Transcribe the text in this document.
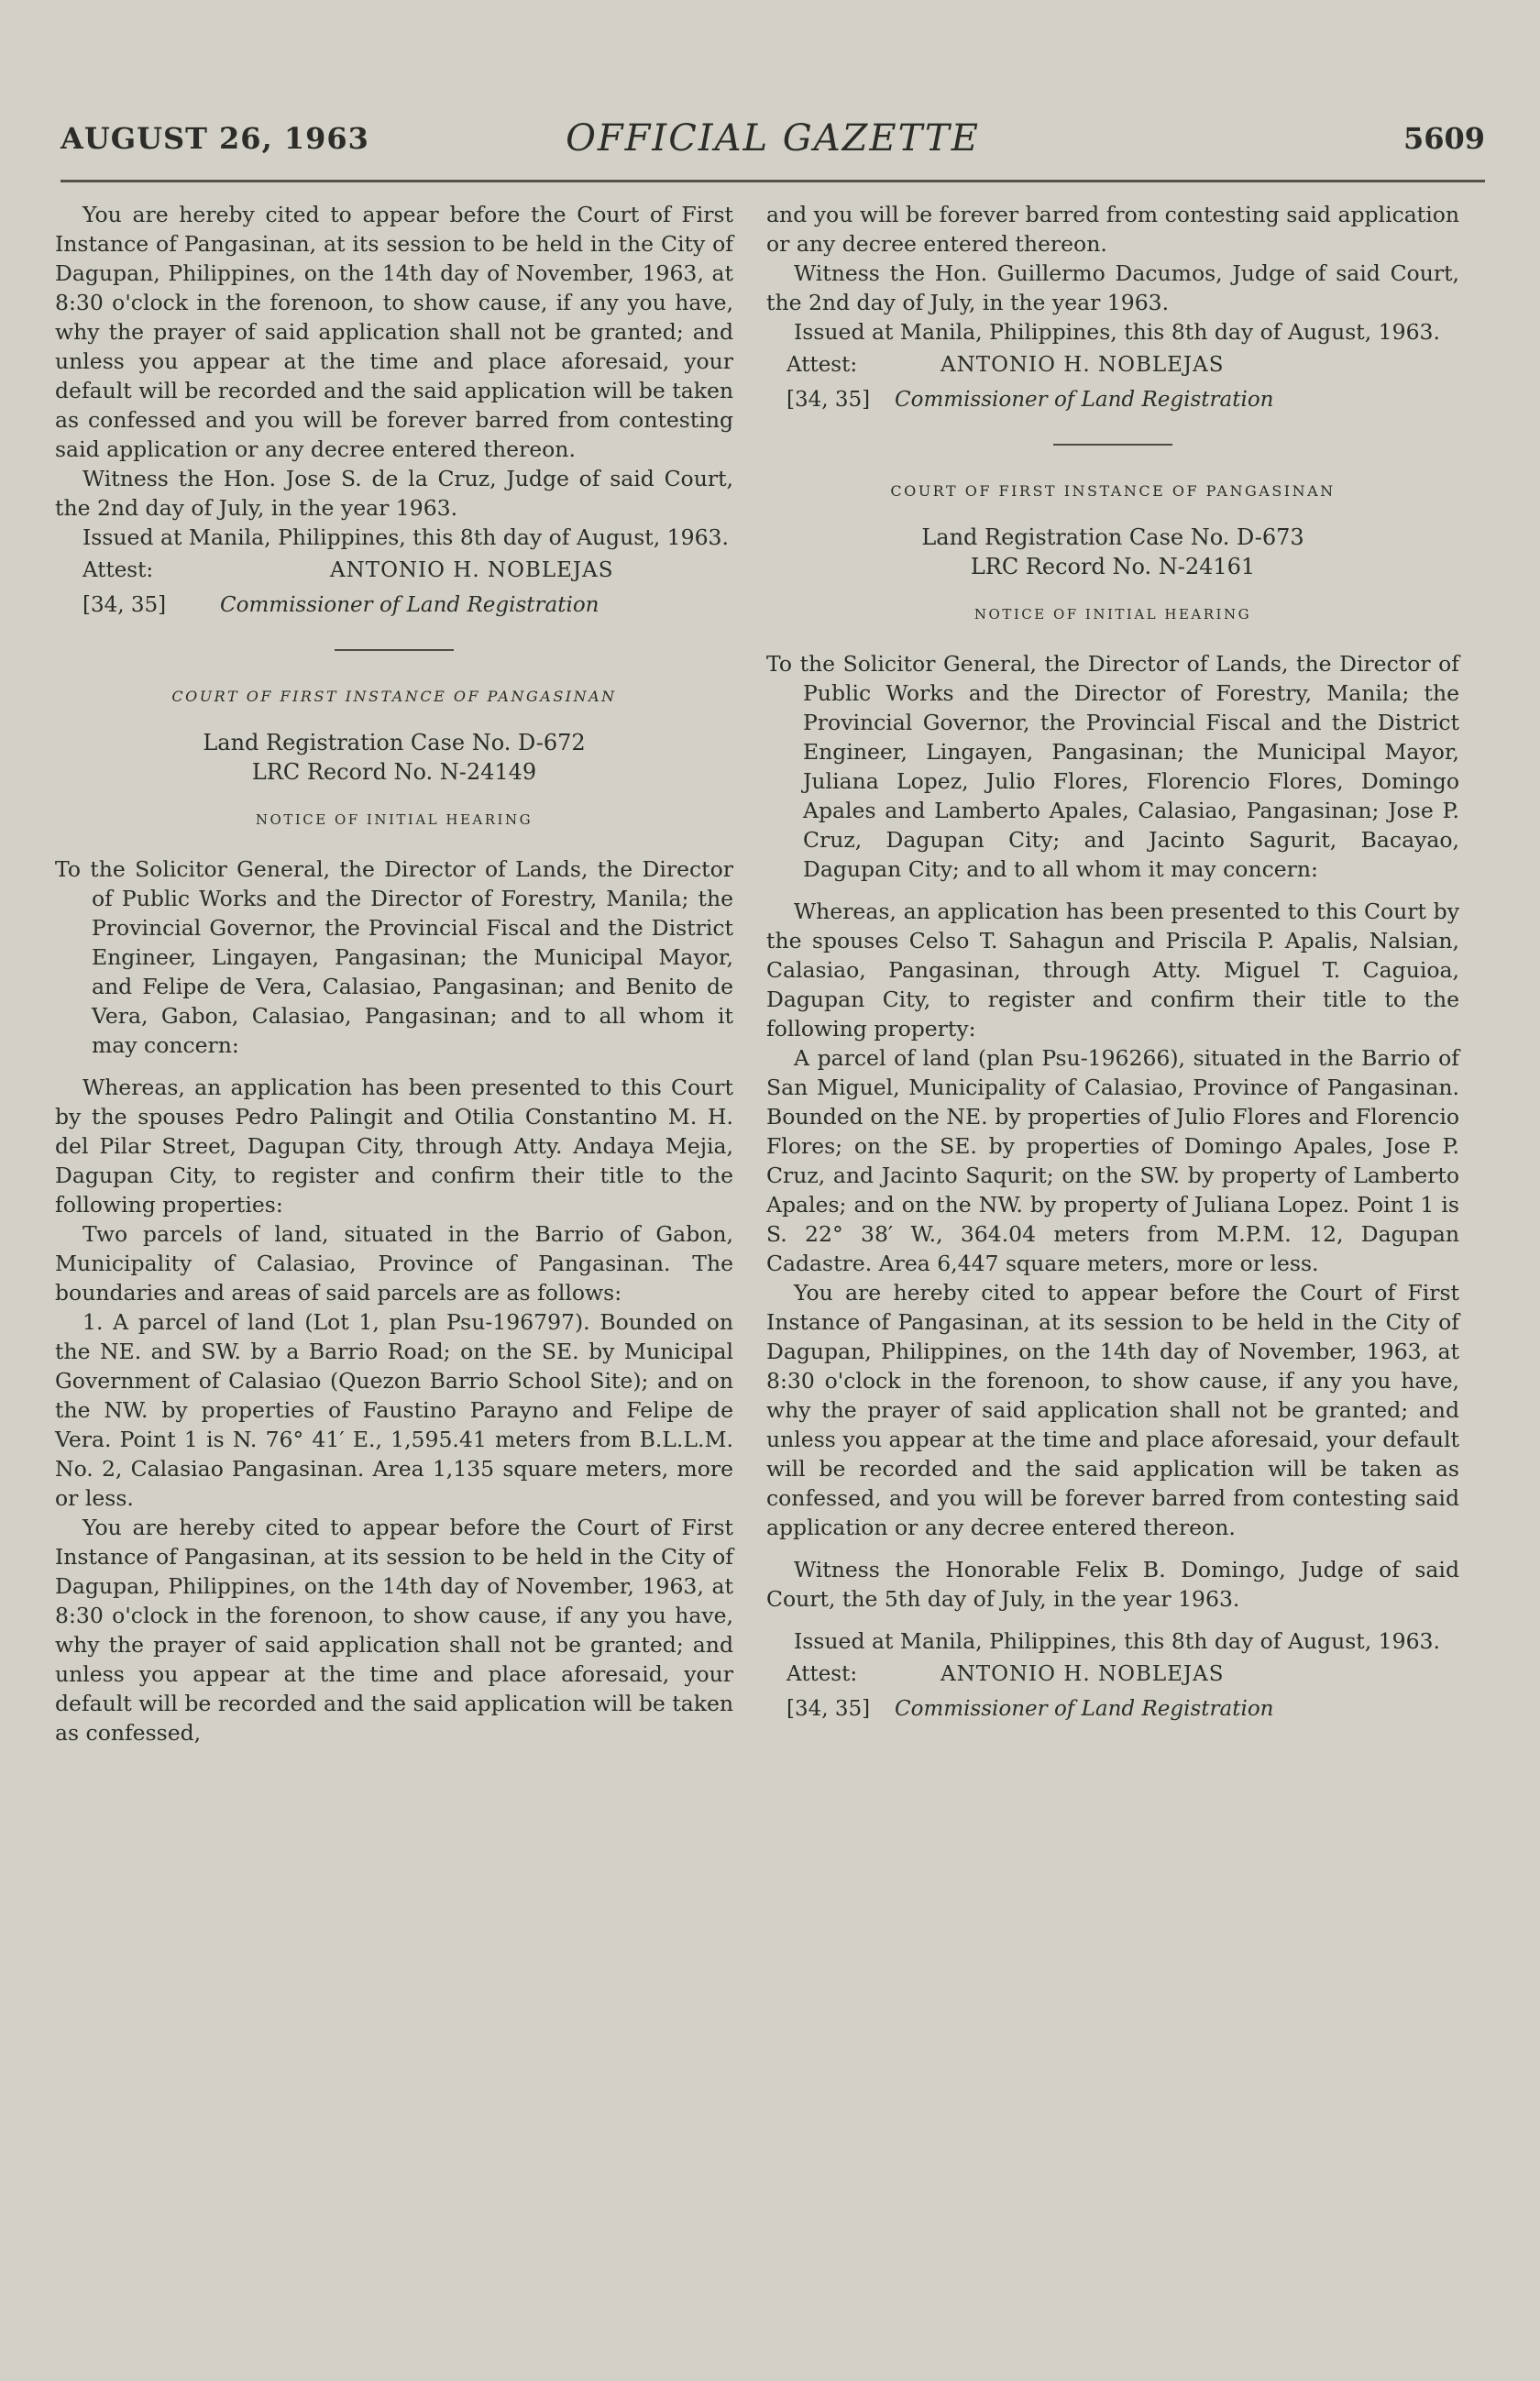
AUGUST 26, 1963	OFFICIAL GAZETTE	5609

You are hereby cited to appear before the Court of First Instance of Pangasinan, at its session to be held in the City of Dagupan, Philippines, on the 14th day of November, 1963, at 8:30 o'clock in the forenoon, to show cause, if any you have, why the prayer of said application shall not be granted; and unless you appear at the time and place aforesaid, your default will be recorded and the said application will be taken as confessed and you will be forever barred from contesting said application or any decree entered thereon.

Witness the Hon. Jose S. de la Cruz, Judge of said Court, the 2nd day of July, in the year 1963.

Issued at Manila, Philippines, this 8th day of August, 1963.

Attest:	ANTONIO H. NOBLEJAS
[34, 35]	Commissioner of Land Registration
COURT OF FIRST INSTANCE OF PANGASINAN
Land Registration Case No. D-672
LRC Record No. N-24149
NOTICE OF INITIAL HEARING

To the Solicitor General, the Director of Lands, the Director of Public Works and the Director of Forestry, Manila; the Provincial Governor, the Provincial Fiscal and the District Engineer, Lingayen, Pangasinan; the Municipal Mayor, and Felipe de Vera, Calasiao, Pangasinan; and Benito de Vera, Gabon, Calasiao, Pangasinan; and to all whom it may concern:

Whereas, an application has been presented to this Court by the spouses Pedro Palingit and Otilia Constantino M. H. del Pilar Street, Dagupan City, through Atty. Andaya Mejia, Dagupan City, to register and confirm their title to the following properties:

Two parcels of land, situated in the Barrio of Gabon, Municipality of Calasiao, Province of Pangasinan. The boundaries and areas of said parcels are as follows:

1. A parcel of land (Lot 1, plan Psu-196797). Bounded on the NE. and SW. by a Barrio Road; on the SE. by Municipal Government of Calasiao (Quezon Barrio School Site); and on the NW. by properties of Faustino Parayno and Felipe de Vera. Point 1 is N. 76° 41′ E., 1,595.41 meters from B.L.L.M. No. 2, Calasiao Pangasinan. Area 1,135 square meters, more or less.

You are hereby cited to appear before the Court of First Instance of Pangasinan, at its session to be held in the City of Dagupan, Philippines, on the 14th day of November, 1963, at 8:30 o'clock in the forenoon, to show cause, if any you have, why the prayer of said application shall not be granted; and unless you appear at the time and place aforesaid, your default will be recorded and the said application will be taken as confessed,

and you will be forever barred from contesting said application or any decree entered thereon.

Witness the Hon. Guillermo Dacumos, Judge of said Court, the 2nd day of July, in the year 1963.

Issued at Manila, Philippines, this 8th day of August, 1963.

Attest:	ANTONIO H. NOBLEJAS
[34, 35] Commissioner of Land Registration
COURT OF FIRST INSTANCE OF PANGASINAN
Land Registration Case No. D-673
LRC Record No. N-24161
NOTICE OF INITIAL HEARING

To the Solicitor General, the Director of Lands, the Director of Public Works and the Director of Forestry, Manila; the Provincial Governor, the Provincial Fiscal and the District Engineer, Lingayen, Pangasinan; the Municipal Mayor, Juliana Lopez, Julio Flores, Florencio Flores, Domingo Apales and Lamberto Apales, Calasiao, Pangasinan; Jose P. Cruz, Dagupan City; and Jacinto Sagurit, Bacayao, Dagupan City; and to all whom it may concern:

Whereas, an application has been presented to this Court by the spouses Celso T. Sahagun and Priscila P. Apalis, Nalsian, Calasiao, Pangasinan, through Atty. Miguel T. Caguioa, Dagupan City, to register and confirm their title to the following property:

A parcel of land (plan Psu-196266), situated in the Barrio of San Miguel, Municipality of Calasiao, Province of Pangasinan. Bounded on the NE. by properties of Julio Flores and Florencio Flores; on the SE. by properties of Domingo Apales, Jose P. Cruz, and Jacinto Saqurit; on the SW. by property of Lamberto Apales; and on the NW. by property of Juliana Lopez. Point 1 is S. 22° 38′ W., 364.04 meters from M.P.M. 12, Dagupan Cadastre. Area 6,447 square meters, more or less.

You are hereby cited to appear before the Court of First Instance of Pangasinan, at its session to be held in the City of Dagupan, Philippines, on the 14th day of November, 1963, at 8:30 o'clock in the forenoon, to show cause, if any you have, why the prayer of said application shall not be granted; and unless you appear at the time and place aforesaid, your default will be recorded and the said application will be taken as confessed, and you will be forever barred from contesting said application or any decree entered thereon.

Witness the Honorable Felix B. Domingo, Judge of said Court, the 5th day of July, in the year 1963.

Issued at Manila, Philippines, this 8th day of August, 1963.

Attest:	ANTONIO H. NOBLEJAS
[34, 35] Commissioner of Land Registration
